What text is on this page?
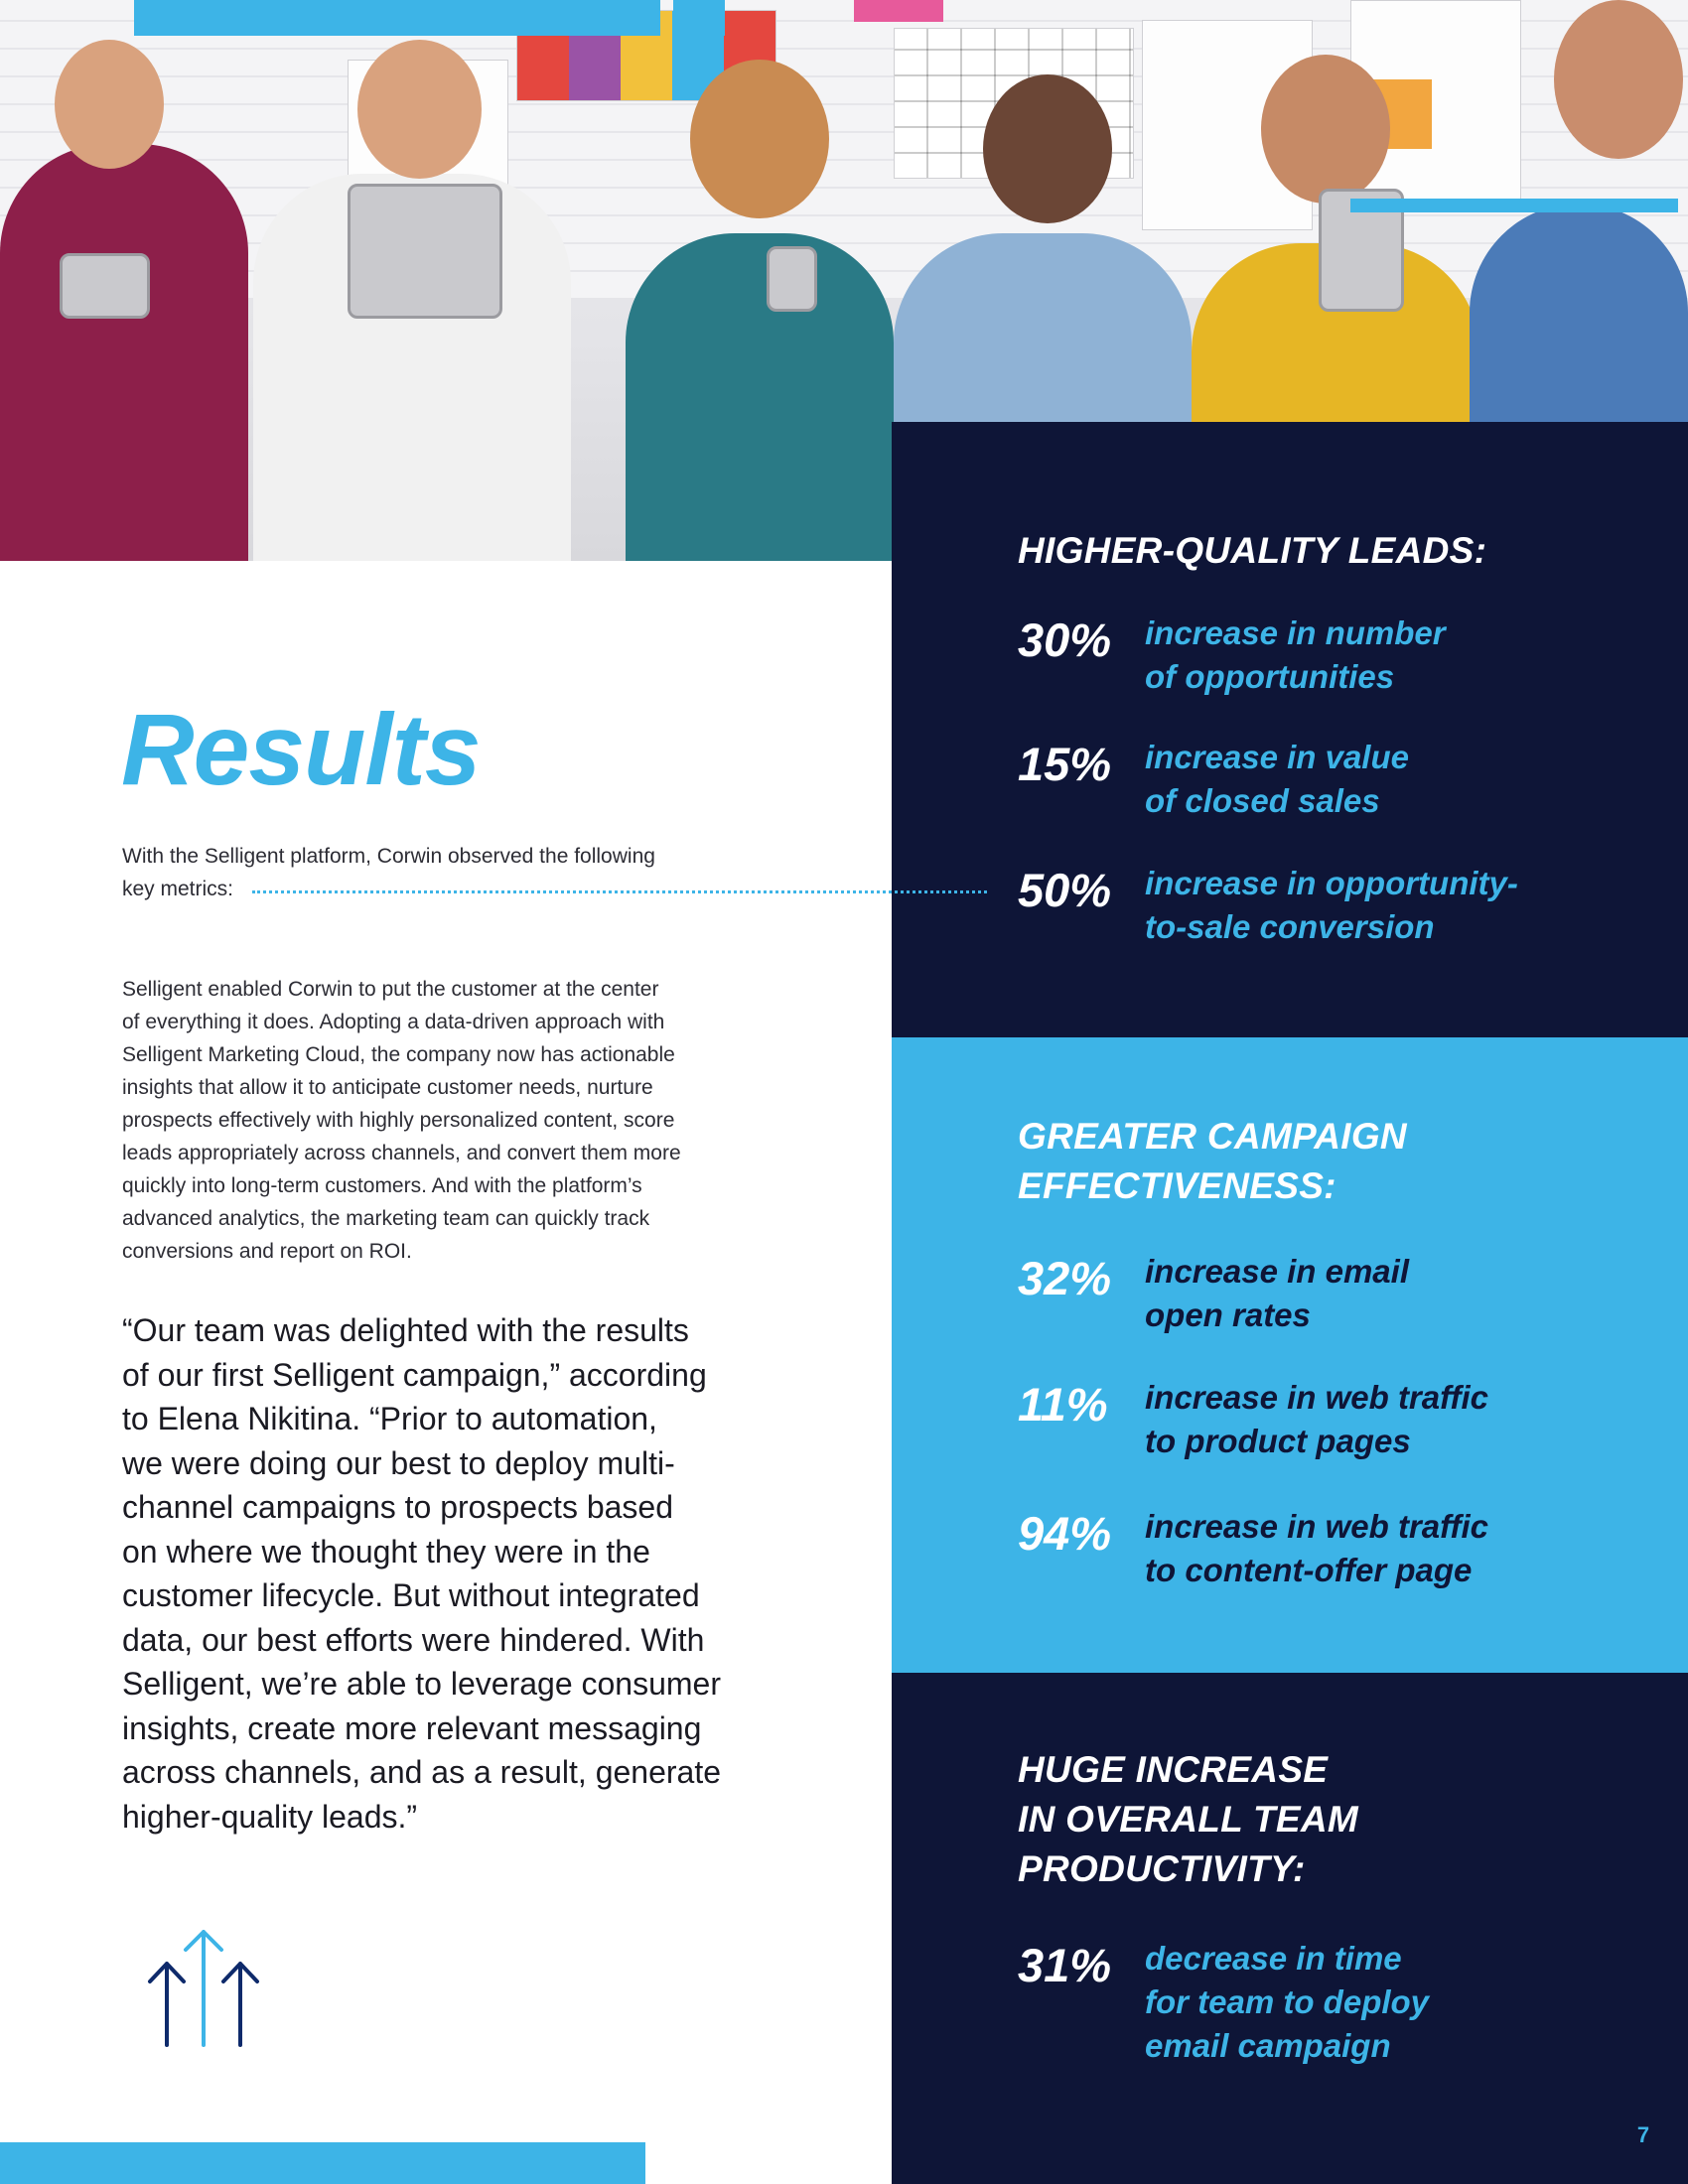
HIGHER-QUALITY LEADS:
30% increase in number
of opportunities
15% increase in value
of closed sales
50% increase in opportunity-
to-sale conversion
GREATER CAMPAIGN
EFFECTIVENESS:
32% increase in email
open rates
11% increase in web traffic
to product pages
94% increase in web traffic
to content-offer page
HUGE INCREASE
IN OVERALL TEAM
PRODUCTIVITY:
31% decrease in time
for team to deploy
email campaign
Results
With the Selligent platform, Corwin observed the following
key metrics:
Selligent enabled Corwin to put the customer at the center
of everything it does. Adopting a data-driven approach with
Selligent Marketing Cloud, the company now has actionable
insights that allow it to anticipate customer needs, nurture
prospects effectively with highly personalized content, score
leads appropriately across channels, and convert them more
quickly into long-term customers. And with the platform’s
advanced analytics, the marketing team can quickly track
conversions and report on ROI.
“Our team was delighted with the results
of our first Selligent campaign,” according
to Elena Nikitina. “Prior to automation,
we were doing our best to deploy multi-
channel campaigns to prospects based
on where we thought they were in the
customer lifecycle. But without integrated
data, our best efforts were hindered. With
Selligent, we’re able to leverage consumer
insights, create more relevant messaging
across channels, and as a result, generate
higher-quality leads.”
7
